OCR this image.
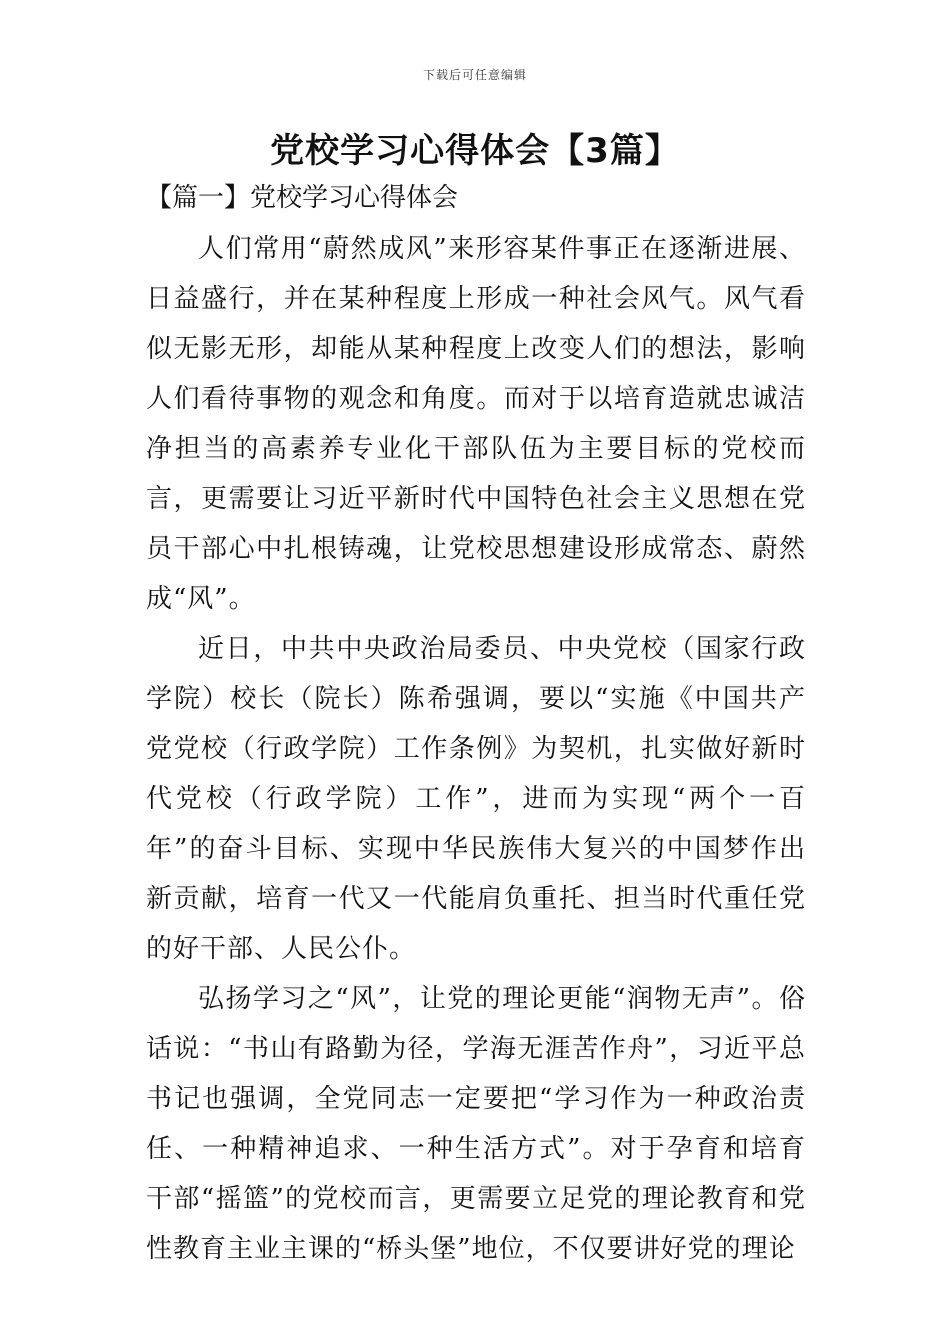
下载后可任意编辑
党校学习心得体会【3篇】
【篇一】党校学习心得体会

人们常用“蔚然成风”来形容某件事正在逐渐进展、日益盛行，并在某种程度上形成一种社会风气。风气看似无影无形，却能从某种程度上改变人们的想法，影响人们看待事物的观念和角度。而对于以培育造就忠诚洁净担当的高素养专业化干部队伍为主要目标的党校而言，更需要让习近平新时代中国特色社会主义思想在党员干部心中扎根铸魂，让党校思想建设形成常态、蔚然成“风”。

近日，中共中央政治局委员、中央党校（国家行政学院）校长（院长）陈希强调，要以“实施《中国共产党党校（行政学院）工作条例》为契机，扎实做好新时代党校（行政学院）工作”，进而为实现“两个一百年”的奋斗目标、实现中华民族伟大复兴的中国梦作出新贡献，培育一代又一代能肩负重托、担当时代重任党的好干部、人民公仆。

弘扬学习之“风”，让党的理论更能“润物无声”。俗话说：“书山有路勤为径，学海无涯苦作舟”，习近平总书记也强调，全党同志一定要把“学习作为一种政治责任、一种精神追求、一种生活方式”。对于孕育和培育干部“摇篮”的党校而言，更需要立足党的理论教育和党性教育主业主课的“桥头堡”地位，不仅要讲好党的理论
